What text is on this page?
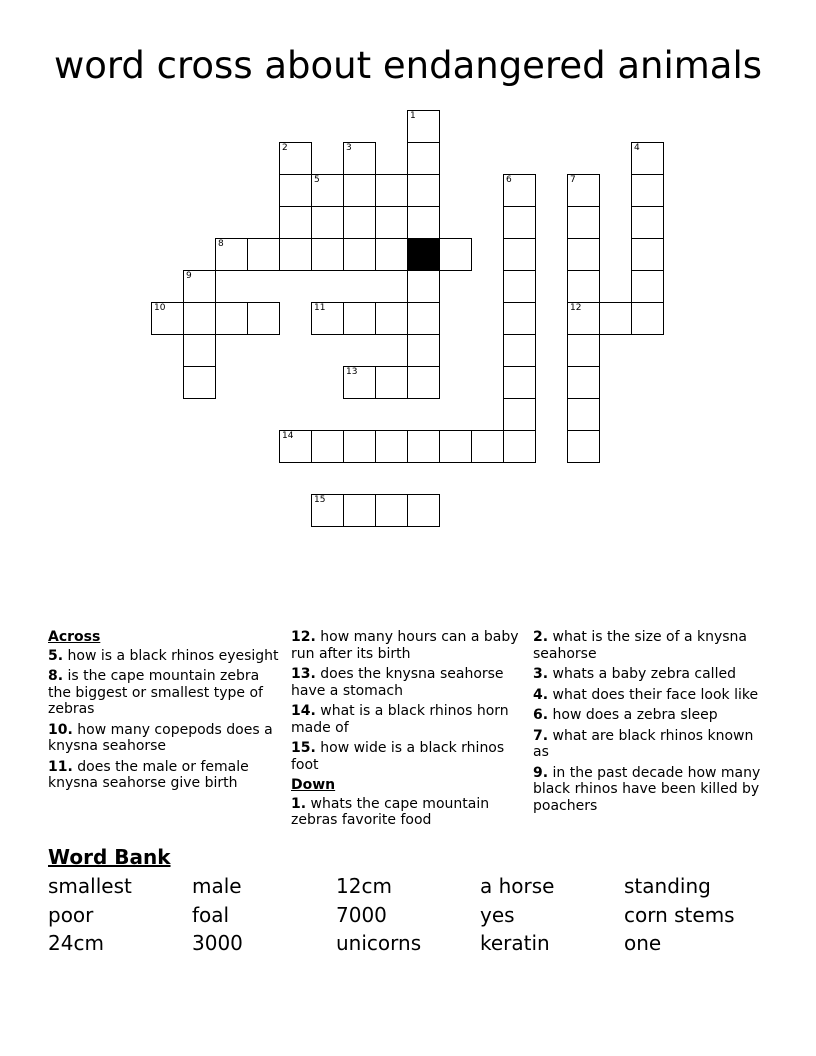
word cross about endangered animals
1
2	3	4
5	6	7
12
8
9
10	11
13
14
15
Across
5. how is a black rhinos eyesight
8. is the cape mountain zebra the biggest or smallest type of zebras
10. how many copepods does a knysna seahorse
11. does the male or female knysna seahorse give birth
12. how many hours can a baby run after its birth
13. does the knysna seahorse have a stomach
14. what is a black rhinos horn made of
15. how wide is a black rhinos foot
Down
1. whats the cape mountain zebras favorite food
2. what is the size of a knysna seahorse
3. whats a baby zebra called
4. what does their face look like
6. how does a zebra sleep
7. what are black rhinos known as
9. in the past decade how many black rhinos have been killed by poachers
Word Bank
smallest	male	12cm	a horse	standing
poor	foal	7000	yes	corn stems
24cm	3000	unicorns	keratin	one
